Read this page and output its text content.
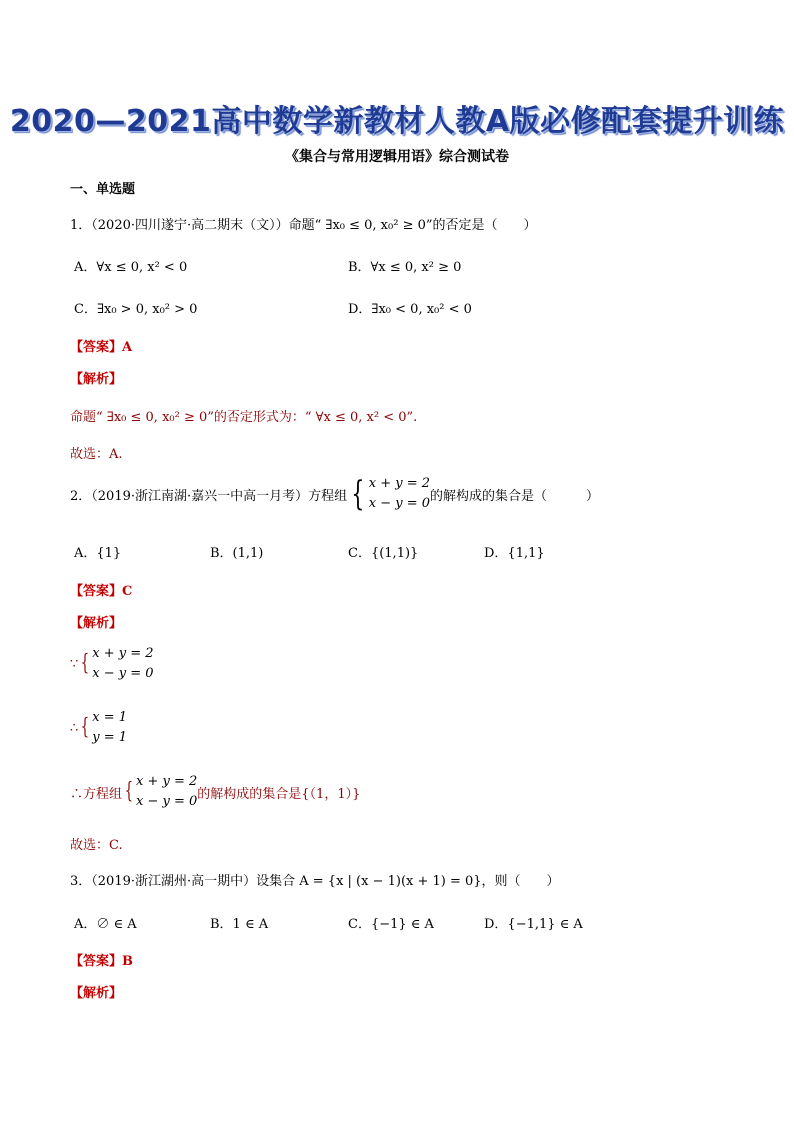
2020—2021高中数学新教材人教A版必修配套提升训练
《集合与常用逻辑用语》综合测试卷
一、单选题
1．（2020·四川遂宁·高二期末（文））命题“ ∃x₀ ≤ 0, x₀² ≥ 0”的否定是（　　）
A．∀x ≤ 0, x² < 0	B．∀x ≤ 0, x² ≥ 0
C．∃x₀ > 0, x₀² > 0	D．∃x₀ < 0, x₀² < 0
【答案】A
【解析】
命题“ ∃x₀ ≤ 0, x₀² ≥ 0”的否定形式为：“ ∀x ≤ 0, x² < 0”.
故选：A.
2．（2019·浙江南湖·嘉兴一中高一月考）方程组 { x + y = 2
x − y = 0 的解构成的集合是（　　　）
A．{1}	B．(1,1)	C．{(1,1)}	D．{1,1}
【答案】C
【解析】
∵ { x + y = 2
x − y = 0
∴ { x = 1
y = 1
∴方程组 { x + y = 2
x − y = 0 的解构成的集合是{（1，1）}
故选：C.
3．（2019·浙江湖州·高一期中）设集合 A = {x | (x − 1)(x + 1) = 0}，则（　　）
A．∅ ∈ A	B．1 ∈ A	C．{−1} ∈ A	D．{−1,1} ∈ A
【答案】B
【解析】
